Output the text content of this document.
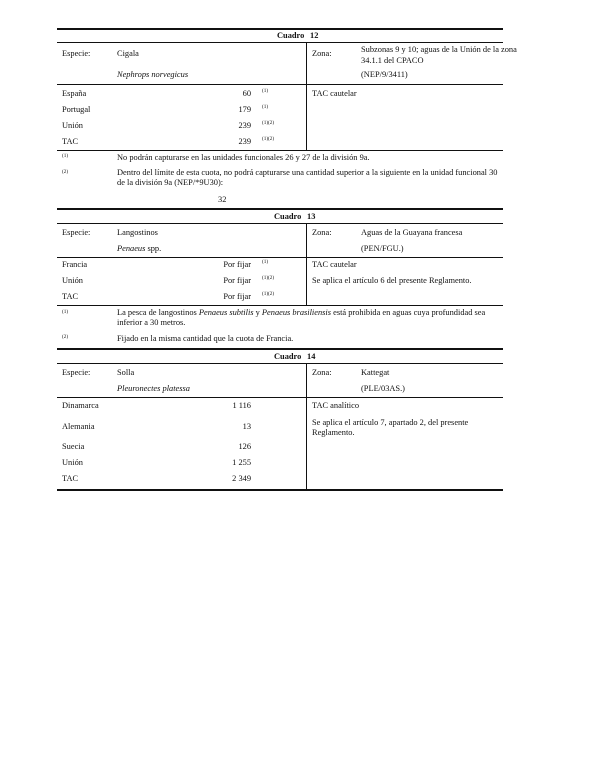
Cuadro 12
Especie:	Cigala
Nephrops norvegicus
Zona:	Subzonas 9 y 10; aguas de la Unión de la zona
34.1.1 del CPACO
(NEP/9/3411)
España	60 (1)
Portugal	179 (1)
Unión	239 (1)(2)
TAC	239 (1)(2)
TAC cautelar
(1)	No podrán capturarse en las unidades funcionales 26 y 27 de la división 9a.
(2)	Dentro del límite de esta cuota, no podrá capturarse una cantidad superior a la siguiente en la unidad funcional 30 de la división 9a (NEP/*9U30):
32
Cuadro 13
Especie:	Langostinos
Penaeus spp.
Zona:	Aguas de la Guayana francesa
(PEN/FGU.)
Francia	Por fijar (1)
Unión	Por fijar (1)(2)
TAC	Por fijar (1)(2)
TAC cautelar
Se aplica el artículo 6 del presente Reglamento.
(1)	La pesca de langostinos Penaeus subtilis y Penaeus brasiliensis está prohibida en aguas cuya profundidad sea inferior a 30 metros.
(2)	Fijado en la misma cantidad que la cuota de Francia.
Cuadro 14
Especie:	Solla
Pleuronectes platessa
Zona:	Kattegat
(PLE/03AS.)
Dinamarca	1 116
Alemania	13
Suecia	126
Unión	1 255
TAC	2 349
TAC analítico
Se aplica el artículo 7, apartado 2, del presente
Reglamento.
